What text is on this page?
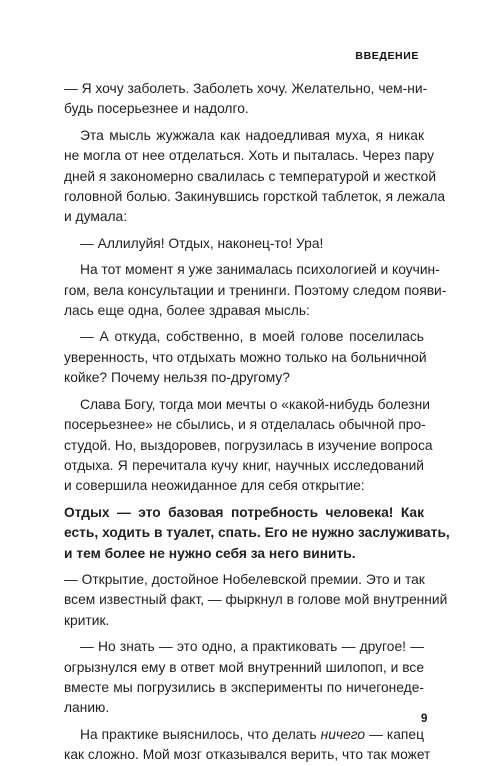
ВВЕДЕНИЕ
— Я хочу заболеть. Заболеть хочу. Желательно, чем-ни-
будь посерьезнее и надолго.
Эта мысль жужжала как надоедливая муха, я никак
не могла от нее отделаться. Хоть и пыталась. Через пару
дней я закономерно свалилась с температурой и жесткой
головной болью. Закинувшись горсткой таблеток, я лежала
и думала:
— Аллилуйя! Отдых, наконец-то! Ура!
На тот момент я уже занималась психологией и коучин-
гом, вела консультации и тренинги. Поэтому следом появи-
лась еще одна, более здравая мысль:
— А откуда, собственно, в моей голове поселилась
уверенность, что отдыхать можно только на больничной
койке? Почему нельзя по-другому?
Слава Богу, тогда мои мечты о «какой-нибудь болезни
посерьезнее» не сбылись, и я отделалась обычной про-
студой. Но, выздоровев, погрузилась в изучение вопроса
отдыха. Я перечитала кучу книг, научных исследований
и совершила неожиданное для себя открытие:
Отдых — это базовая потребность человека! Как
есть, ходить в туалет, спать. Его не нужно заслуживать,
и тем более не нужно себя за него винить.
— Открытие, достойное Нобелевской премии. Это и так
всем известный факт, — фыркнул в голове мой внутренний
критик.
— Но знать — это одно, а практиковать — другое! —
огрызнулся ему в ответ мой внутренний шилопоп, и все
вместе мы погрузились в эксперименты по ничегонеде-
ланию.
На практике выяснилось, что делать ничего — капец
как сложно. Мой мозг отказывался верить, что так может
9
